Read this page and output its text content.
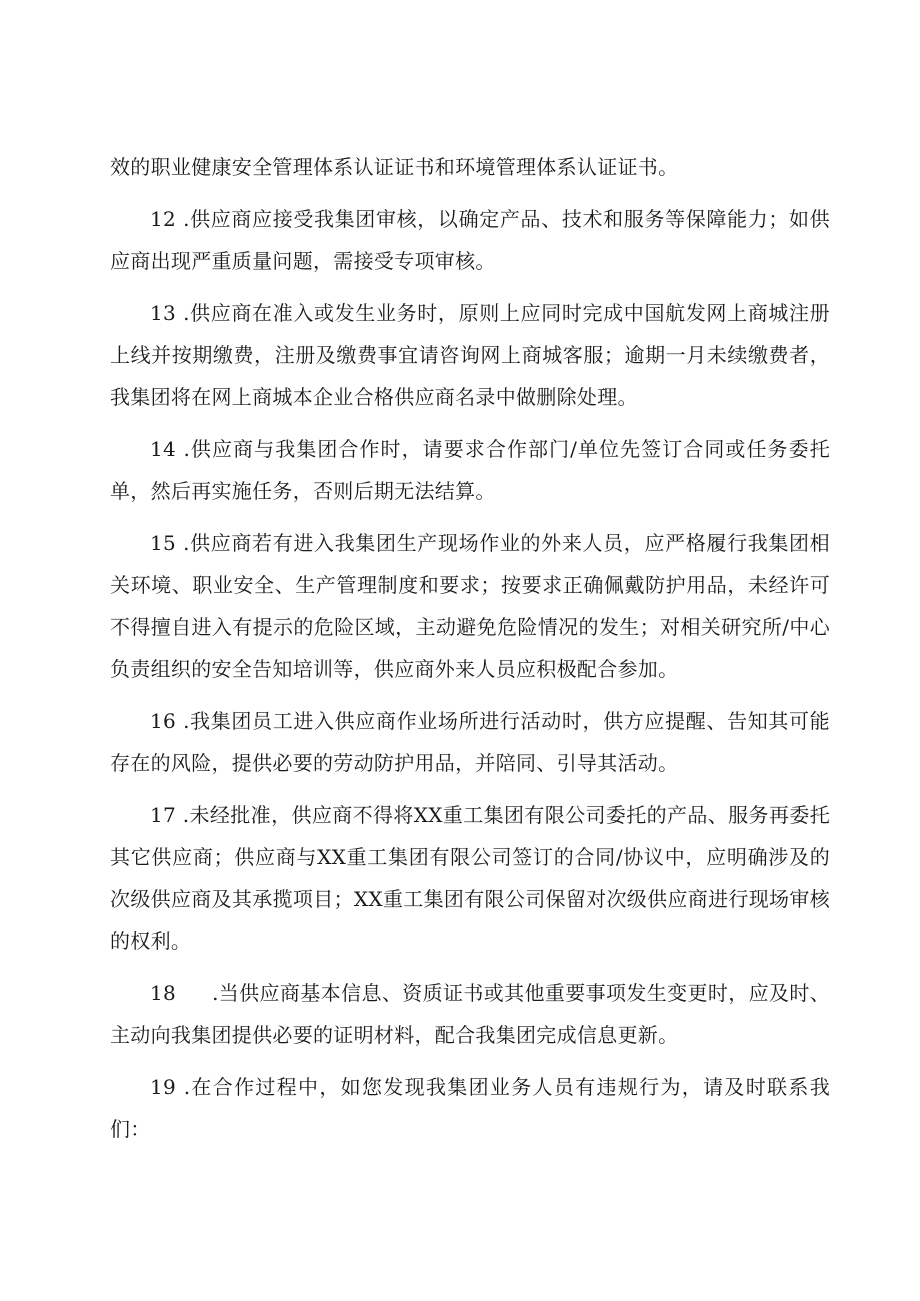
效的职业健康安全管理体系认证证书和环境管理体系认证证书。

12 .供应商应接受我集团审核，以确定产品、技术和服务等保障能力；如供应商出现严重质量问题，需接受专项审核。

13 .供应商在准入或发生业务时，原则上应同时完成中国航发网上商城注册上线并按期缴费，注册及缴费事宜请咨询网上商城客服；逾期一月未续缴费者，我集团将在网上商城本企业合格供应商名录中做删除处理。

14 .供应商与我集团合作时，请要求合作部门/单位先签订合同或任务委托单，然后再实施任务，否则后期无法结算。

15 .供应商若有进入我集团生产现场作业的外来人员，应严格履行我集团相关环境、职业安全、生产管理制度和要求；按要求正确佩戴防护用品，未经许可不得擅自进入有提示的危险区域，主动避免危险情况的发生；对相关研究所/中心负责组织的安全告知培训等，供应商外来人员应积极配合参加。

16 .我集团员工进入供应商作业场所进行活动时，供方应提醒、告知其可能存在的风险，提供必要的劳动防护用品，并陪同、引导其活动。

17 .未经批准，供应商不得将XX重工集团有限公司委托的产品、服务再委托其它供应商；供应商与XX重工集团有限公司签订的合同/协议中，应明确涉及的次级供应商及其承揽项目；XX重工集团有限公司保留对次级供应商进行现场审核的权利。

18 .当供应商基本信息、资质证书或其他重要事项发生变更时，应及时、主动向我集团提供必要的证明材料，配合我集团完成信息更新。

19 .在合作过程中，如您发现我集团业务人员有违规行为，请及时联系我们：
